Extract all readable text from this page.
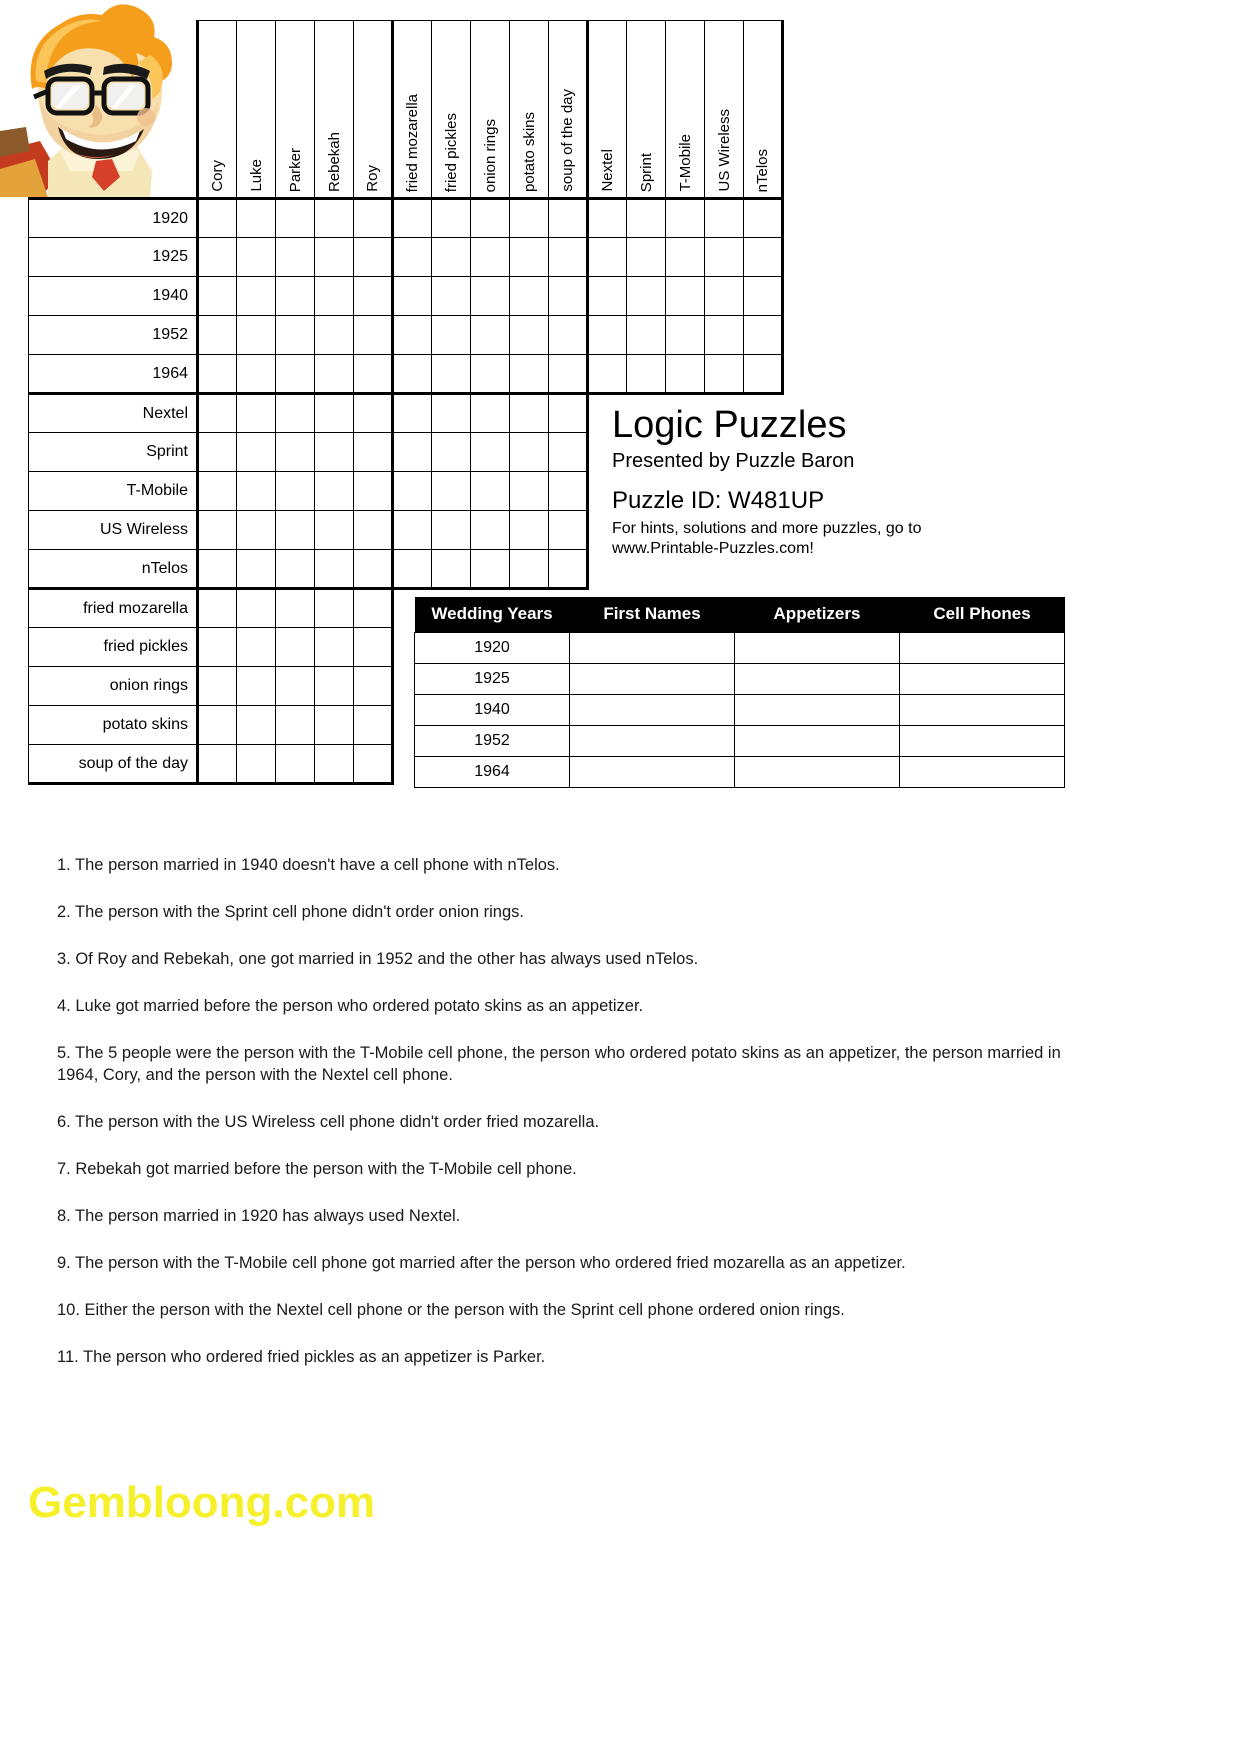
	First Names					Appetizers					Cell Phones				
		Cory	Luke	Parker	Rebekah	Roy	fried mozarella	fried pickles	onion rings	potato skins	soup of the day	Nextel	Sprint	T-Mobile	US Wireless	nTelos
Wedding Years	1920															
	1925															
	1940															
	1952															
	1964															
Cell Phones	Nextel															
	Sprint															
	T-Mobile															
	US Wireless															
	nTelos															
Appetizers	fried mozarella															
	fried pickles															
	onion rings															
	potato skins															
	soup of the day															
Logic Puzzles
Presented by Puzzle Baron
Puzzle ID: W481UP
For hints, solutions and more puzzles, go to www.Printable-Puzzles.com!
Wedding Years	First Names	Appetizers	Cell Phones
1920			
1925			
1940			
1952			
1964			
1. The person married in 1940 doesn't have a cell phone with nTelos.
2. The person with the Sprint cell phone didn't order onion rings.
3. Of Roy and Rebekah, one got married in 1952 and the other has always used nTelos.
4. Luke got married before the person who ordered potato skins as an appetizer.
5. The 5 people were the person with the T-Mobile cell phone, the person who ordered potato skins as an appetizer, the person married in 1964, Cory, and the person with the Nextel cell phone.
6. The person with the US Wireless cell phone didn't order fried mozarella.
7. Rebekah got married before the person with the T-Mobile cell phone.
8. The person married in 1920 has always used Nextel.
9. The person with the T-Mobile cell phone got married after the person who ordered fried mozarella as an appetizer.
10. Either the person with the Nextel cell phone or the person with the Sprint cell phone ordered onion rings.
11. The person who ordered fried pickles as an appetizer is Parker.
Gembloong.com
